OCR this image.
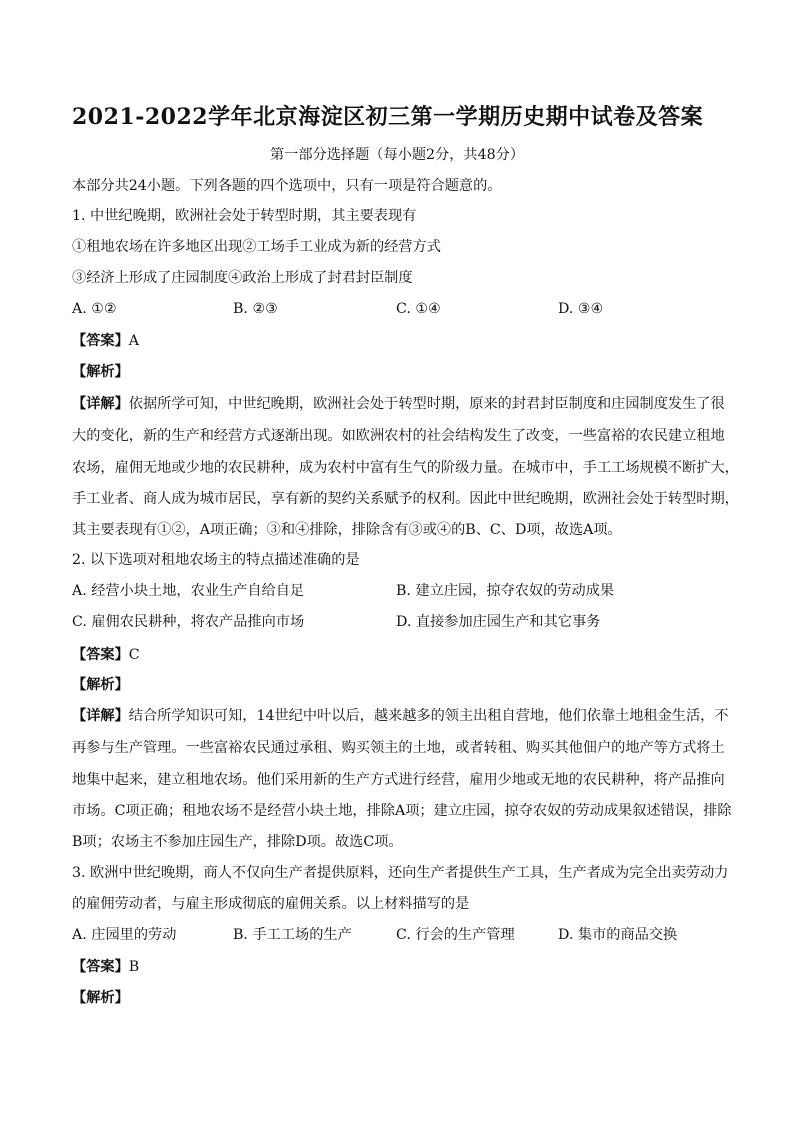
2021-2022学年北京海淀区初三第一学期历史期中试卷及答案
第一部分选择题（每小题2分，共48分）
本部分共24小题。下列各题的四个选项中，只有一项是符合题意的。
1. 中世纪晚期，欧洲社会处于转型时期，其主要表现有
①租地农场在许多地区出现②工场手工业成为新的经营方式
③经济上形成了庄园制度④政治上形成了封君封臣制度
A. ①②	B. ②③	C. ①④	D. ③④
【答案】A
【解析】
【详解】依据所学可知，中世纪晚期，欧洲社会处于转型时期，原来的封君封臣制度和庄园制度发生了很
大的变化，新的生产和经营方式逐渐出现。如欧洲农村的社会结构发生了改变，一些富裕的农民建立租地
农场，雇佣无地或少地的农民耕种，成为农村中富有生气的阶级力量。在城市中，手工工场规模不断扩大，
手工业者、商人成为城市居民，享有新的契约关系赋予的权利。因此中世纪晚期，欧洲社会处于转型时期，
其主要表现有①②，A项正确；③和④排除，排除含有③或④的B、C、D项，故选A项。
2. 以下选项对租地农场主的特点描述准确的是
A. 经营小块土地，农业生产自给自足	B. 建立庄园，掠夺农奴的劳动成果
C. 雇佣农民耕种，将农产品推向市场	D. 直接参加庄园生产和其它事务
【答案】C
【解析】
【详解】结合所学知识可知，14世纪中叶以后，越来越多的领主出租自营地，他们依靠土地租金生活，不
再参与生产管理。一些富裕农民通过承租、购买领主的土地，或者转租、购买其他佃户的地产等方式将土
地集中起来，建立租地农场。他们采用新的生产方式进行经营，雇用少地或无地的农民耕种，将产品推向
市场。C项正确；租地农场不是经营小块土地，排除A项；建立庄园，掠夺农奴的劳动成果叙述错误，排除
B项；农场主不参加庄园生产，排除D项。故选C项。
3. 欧洲中世纪晚期，商人不仅向生产者提供原料，还向生产者提供生产工具，生产者成为完全出卖劳动力
的雇佣劳动者，与雇主形成彻底的雇佣关系。以上材料描写的是
A. 庄园里的劳动	B. 手工工场的生产	C. 行会的生产管理	D. 集市的商品交换
【答案】B
【解析】
